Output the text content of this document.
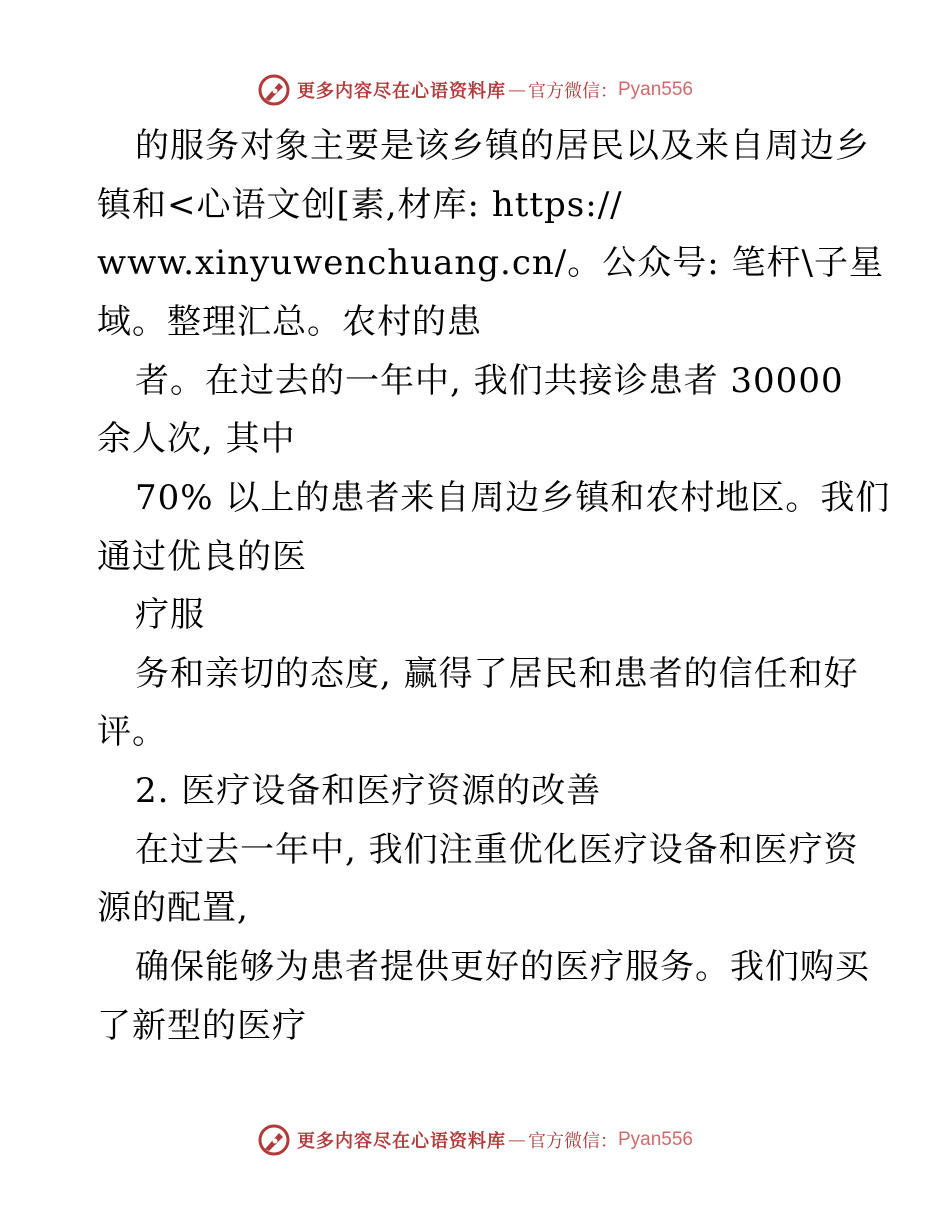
更多内容尽在心语资料库 — 官方微信： Pyan556
的服务对象主要是该乡镇的居民以及来自周边乡
镇和<心语文创[素,材库: https://
www.xinyuwenchuang.cn/。公众号: 笔杆\子星
域。整理汇总。农村的患
者。在过去的一年中, 我们共接诊患者 30000
余人次, 其中
70% 以上的患者来自周边乡镇和农村地区。我们
通过优良的医
疗服
务和亲切的态度, 赢得了居民和患者的信任和好
评。
2. 医疗设备和医疗资源的改善
在过去一年中, 我们注重优化医疗设备和医疗资
源的配置,
确保能够为患者提供更好的医疗服务。我们购买
了新型的医疗
更多内容尽在心语资料库 — 官方微信： Pyan556
